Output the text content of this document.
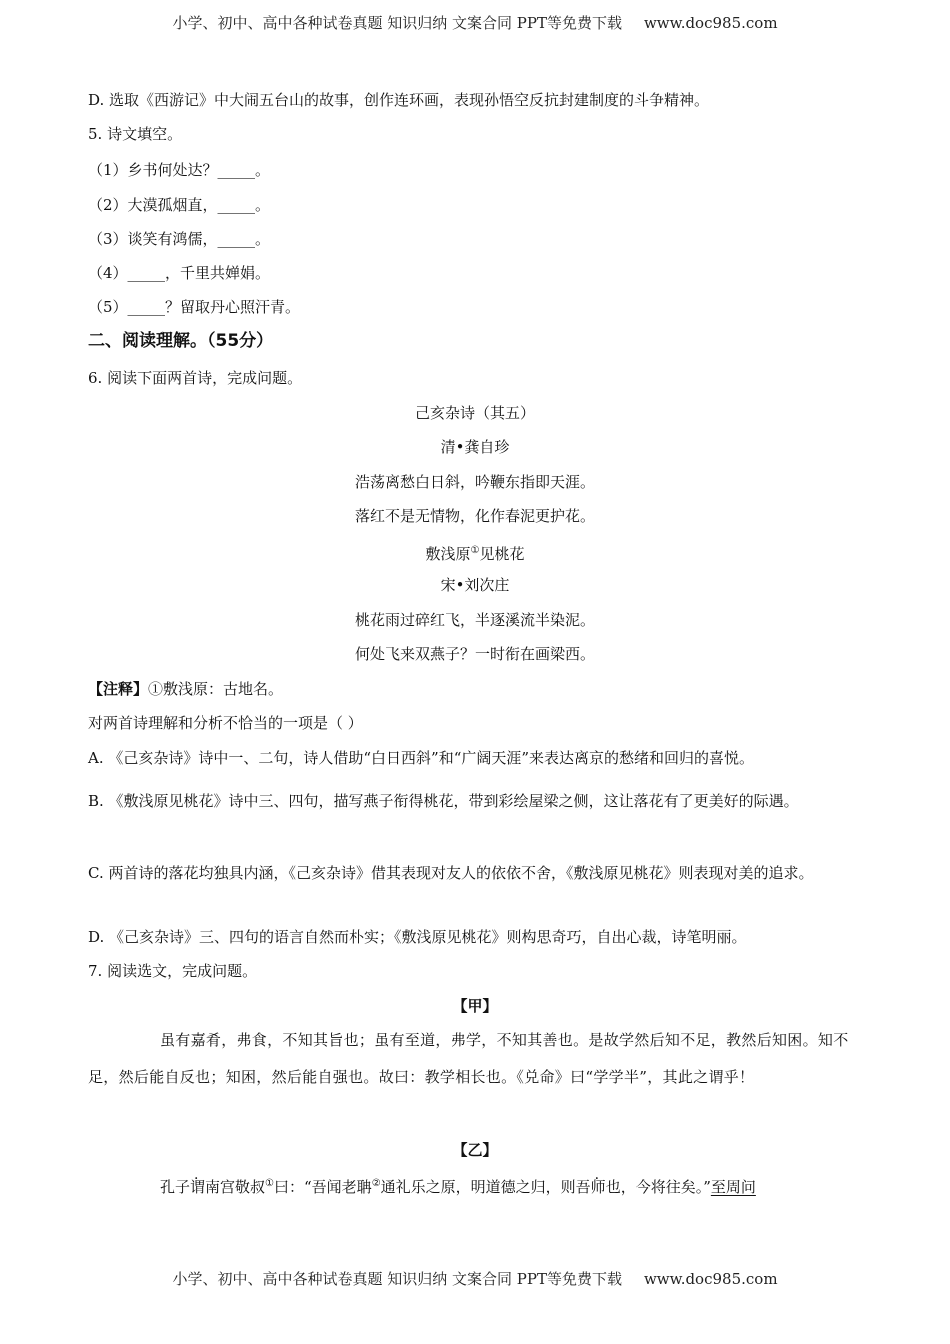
小学、初中、高中各种试卷真题 知识归纳 文案合同 PPT等免费下载 www.doc985.com
D. 选取《西游记》中大闹五台山的故事，创作连环画，表现孙悟空反抗封建制度的斗争精神。
5. 诗文填空。
（1）乡书何处达？_____。
（2）大漠孤烟直，_____。
（3）谈笑有鸿儒，_____。
（4）_____，千里共婵娟。
（5）_____？留取丹心照汗青。
二、阅读理解。（55分）
6. 阅读下面两首诗，完成问题。
己亥杂诗（其五）
清•龚自珍
浩荡离愁白日斜，吟鞭东指即天涯。
落红不是无情物，化作春泥更护花。
敷浅原①见桃花
宋•刘次庄
桃花雨过碎红飞，半逐溪流半染泥。
何处飞来双燕子？一时衔在画梁西。
【注释】①敷浅原：古地名。
对两首诗理解和分析不恰当的一项是（ ）
A. 《己亥杂诗》诗中一、二句，诗人借助“白日西斜”和“广阔天涯”来表达离京的愁绪和回归的喜悦。
B. 《敷浅原见桃花》诗中三、四句，描写燕子衔得桃花，带到彩绘屋梁之侧，这让落花有了更美好的际遇。
C. 两首诗的落花均独具内涵，《己亥杂诗》借其表现对友人的依依不舍，《敷浅原见桃花》则表现对美的追求。
D. 《己亥杂诗》三、四句的语言自然而朴实；《敷浅原见桃花》则构思奇巧，自出心裁，诗笔明丽。
7. 阅读选文，完成问题。
【甲】
虽有嘉肴，弗食，不知其旨也；虽有至道，弗学，不知其善也。是故学然后知不足，教然后知困。知不足，然后能自反也；知困，然后能自强也。故曰：教学相长也。《兑命》曰“学学半”，其此之谓乎！
【乙】
孔子谓南宫敬叔①曰：“吾闻老聃②通礼乐之原，明道德之归，则吾师也，今将往矣。”至周问
小学、初中、高中各种试卷真题 知识归纳 文案合同 PPT等免费下载 www.doc985.com
